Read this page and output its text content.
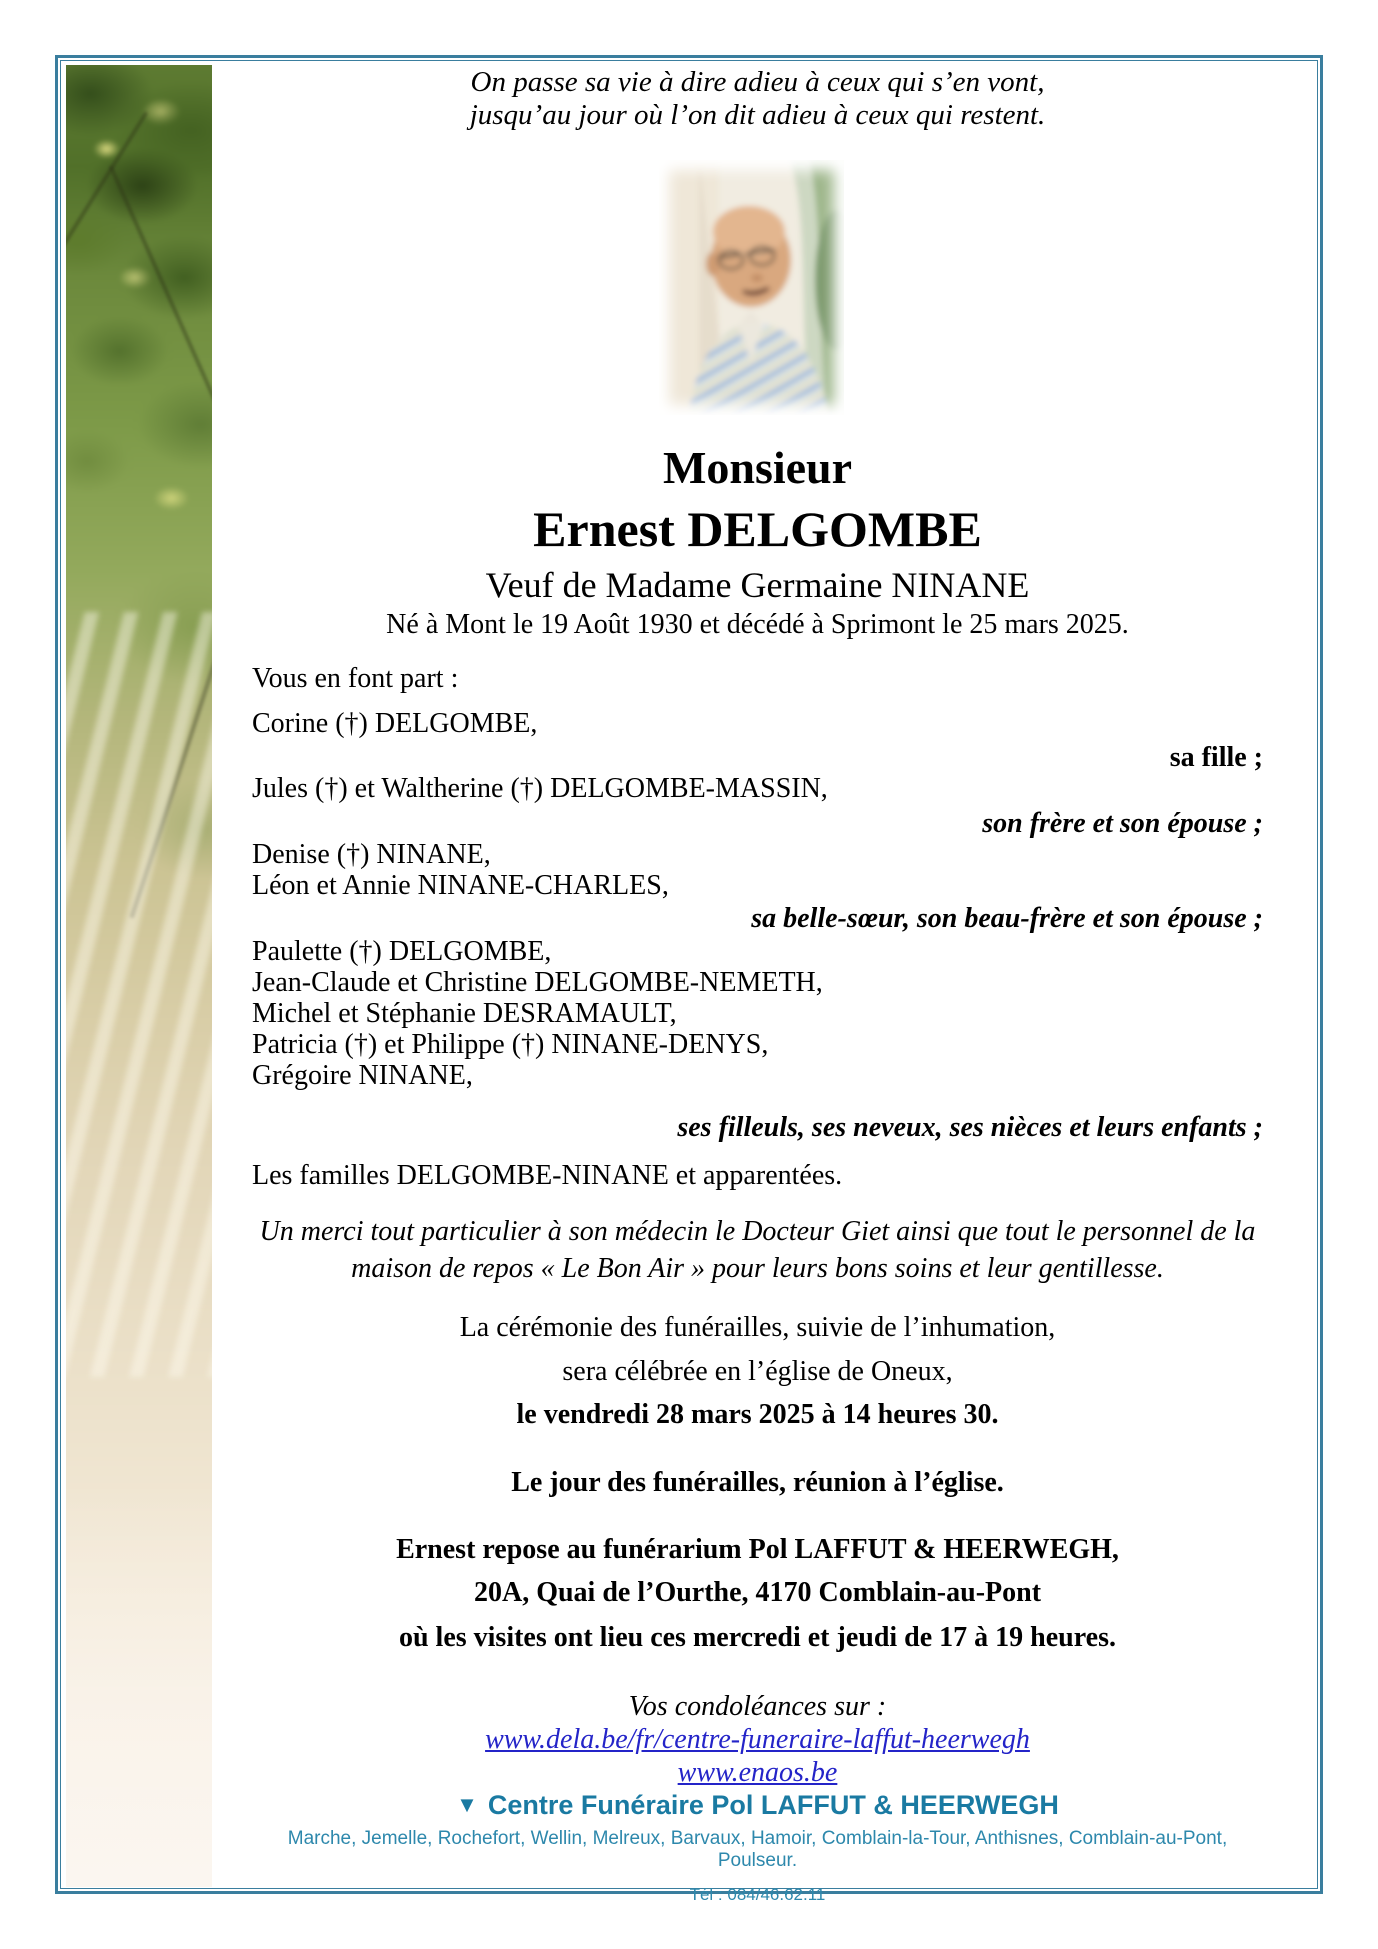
On passe sa vie à dire adieu à ceux qui s’en vont,
jusqu’au jour où l’on dit adieu à ceux qui restent.
Monsieur
Ernest DELGOMBE
Veuf de Madame Germaine NINANE
Né à Mont le 19 Août 1930 et décédé à Sprimont le 25 mars 2025.
Vous en font part :
Corine (†) DELGOMBE,
sa fille ;
Jules (†) et Waltherine (†) DELGOMBE-MASSIN,
son frère et son épouse ;
Denise (†) NINANE,
Léon et Annie NINANE-CHARLES,
sa belle-sœur, son beau-frère et son épouse ;
Paulette (†) DELGOMBE,
Jean-Claude et Christine DELGOMBE-NEMETH,
Michel et Stéphanie DESRAMAULT,
Patricia (†) et Philippe (†) NINANE-DENYS,
Grégoire NINANE,
ses filleuls, ses neveux, ses nièces et leurs enfants ;
Les familles DELGOMBE-NINANE et apparentées.
Un merci tout particulier à son médecin le Docteur Giet ainsi que tout le personnel de la
maison de repos « Le Bon Air » pour leurs bons soins et leur gentillesse.
La cérémonie des funérailles, suivie de l’inhumation,
sera célébrée en l’église de Oneux,
le vendredi 28 mars 2025 à 14 heures 30.
Le jour des funérailles, réunion à l’église.
Ernest repose au funérarium Pol LAFFUT & HEERWEGH,
20A, Quai de l’Ourthe, 4170 Comblain-au-Pont
où les visites ont lieu ces mercredi et jeudi de 17 à 19 heures.
Vos condoléances sur :
www.dela.be/fr/centre-funeraire-laffut-heerwegh
www.enaos.be
▼ Centre Funéraire Pol LAFFUT & HEERWEGH
Marche, Jemelle, Rochefort, Wellin, Melreux, Barvaux, Hamoir, Comblain-la-Tour, Anthisnes, Comblain-au-Pont, Poulseur.
Tél : 084/46.62.11
